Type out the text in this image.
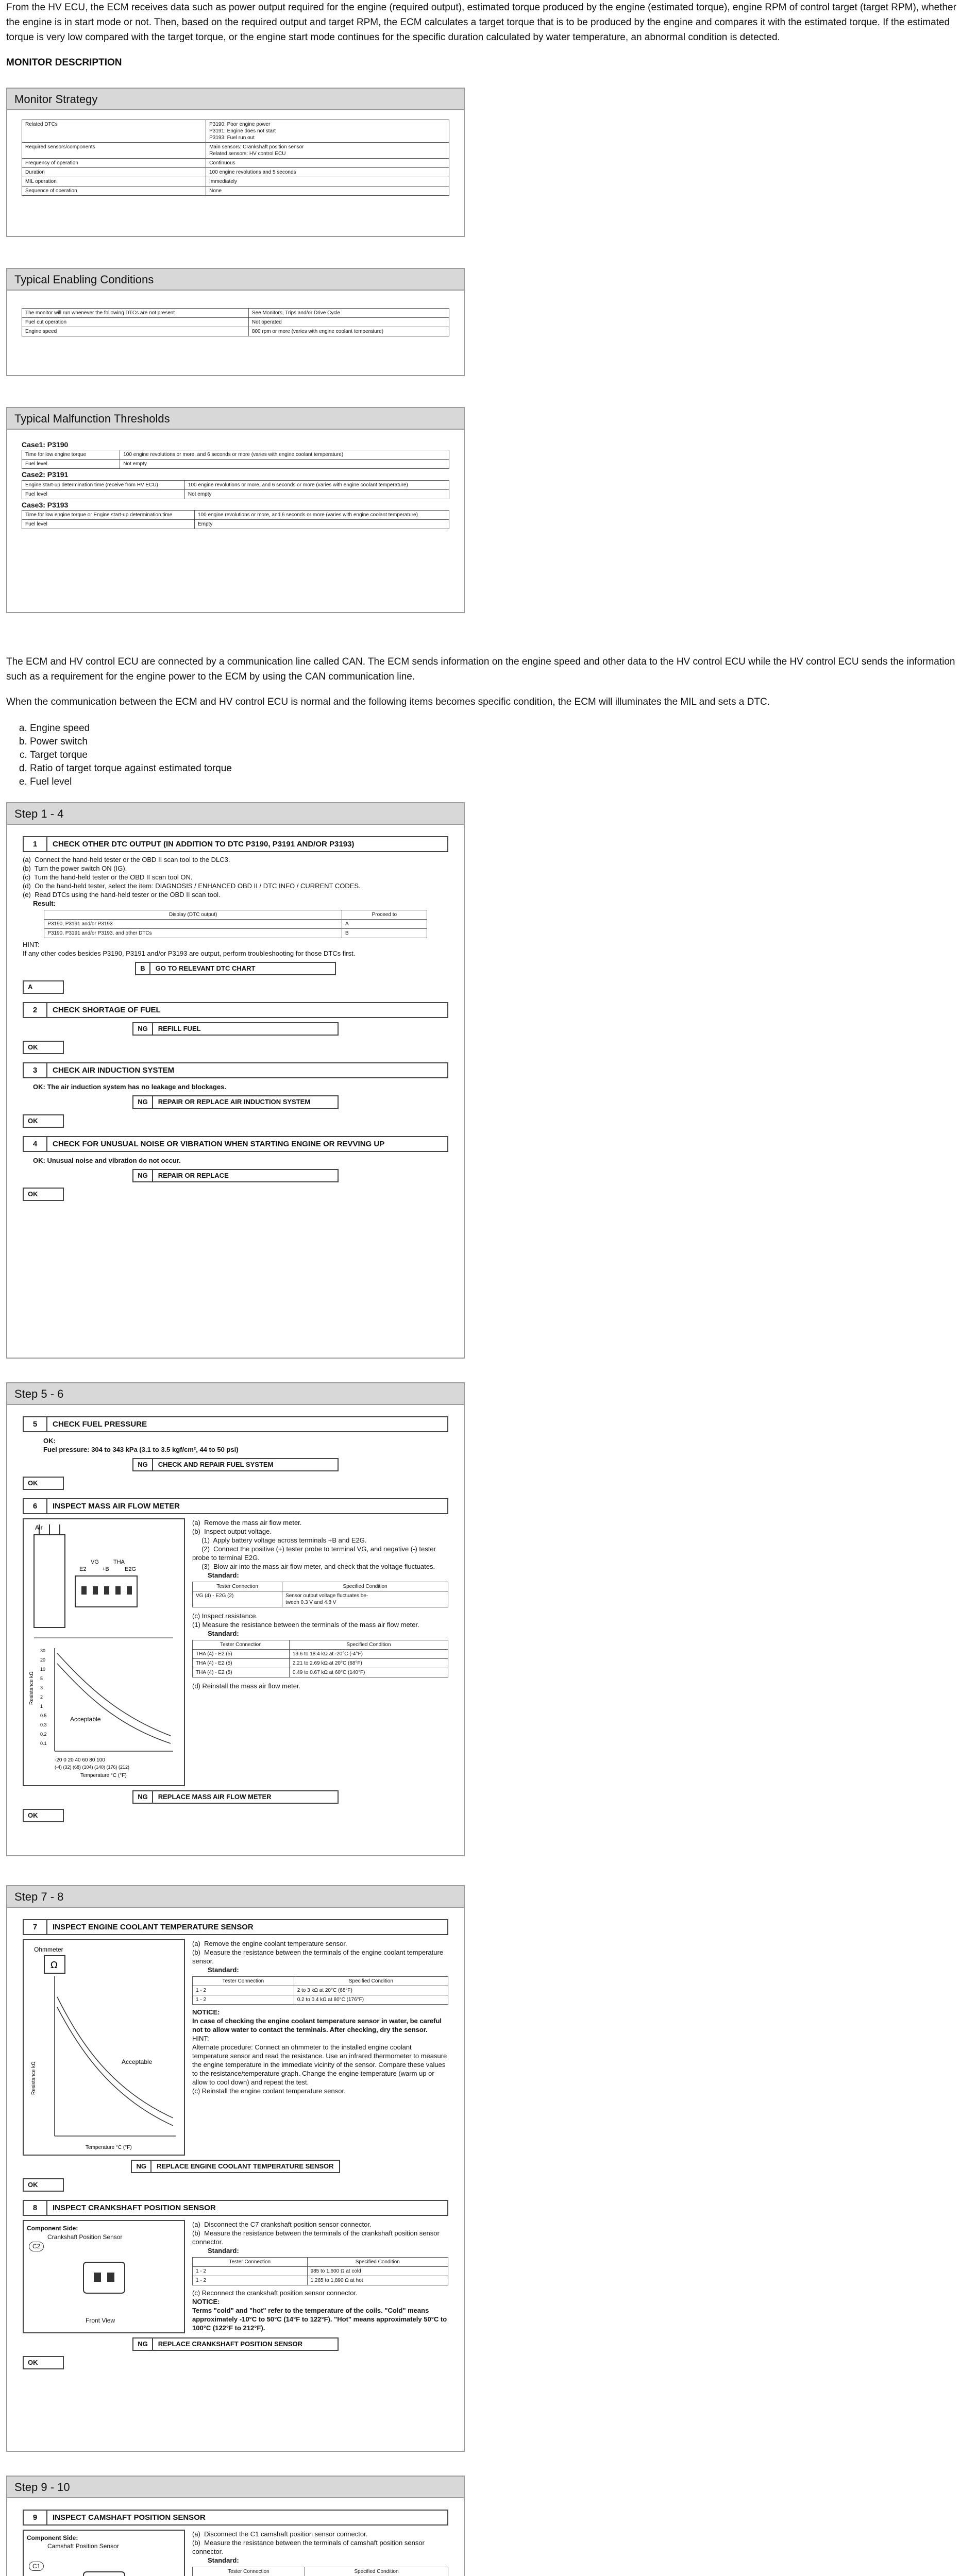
From the HV ECU, the ECM receives data such as power output required for the engine (required output), estimated torque produced by the engine (estimated torque), engine RPM of control target (target RPM), whether the engine is in start mode or not. Then, based on the required output and target RPM, the ECM calculates a target torque that is to be produced by the engine and compares it with the estimated torque. If the estimated torque is very low compared with the target torque, or the engine start mode continues for the specific duration calculated by water temperature, an abnormal condition is detected.

MONITOR DESCRIPTION
Monitor Strategy
Related DTCs	P3190: Poor engine power
P3191: Engine does not start
P3193: Fuel run out
Required sensors/components	Main sensors: Crankshaft position sensor
Related sensors: HV control ECU
Frequency of operation	Continuous
Duration	100 engine revolutions and 5 seconds
MIL operation	Immediately
Sequence of operation	None
Typical Enabling Conditions
The monitor will run whenever the following DTCs are not present	See Monitors, Trips and/or Drive Cycle
Fuel cut operation	Not operated
Engine speed	800 rpm or more (varies with engine coolant temperature)
Typical Malfunction Thresholds
Case1: P3190
Time for low engine torque	100 engine revolutions or more, and 6 seconds or more (varies with engine coolant temperature)
Fuel level	Not empty
Case2: P3191
Engine start-up determination time (receive from HV ECU)	100 engine revolutions or more, and 6 seconds or more (varies with engine coolant temperature)
Fuel level	Not empty
Case3: P3193
Time for low engine torque or Engine start-up determination time	100 engine revolutions or more, and 6 seconds or more (varies with engine coolant temperature)
Fuel level	Empty

The ECM and HV control ECU are connected by a communication line called CAN. The ECM sends information on the engine speed and other data to the HV control ECU while the HV control ECU sends the information such as a requirement for the engine power to the ECM by using the CAN communication line.

When the communication between the ECM and HV control ECU is normal and the following items becomes specific condition, the ECM will illuminates the MIL and sets a DTC.

a. Engine speed
b. Power switch
c. Target torque
d. Ratio of target torque against estimated torque
e. Fuel level
Step 1 - 4
1	CHECK OTHER DTC OUTPUT (IN ADDITION TO DTC P3190, P3191 AND/OR P3193)
(a)  Connect the hand-held tester or the OBD II scan tool to the DLC3.
(b)  Turn the power switch ON (IG).
(c)  Turn the hand-held tester or the OBD II scan tool ON.
(d)  On the hand-held tester, select the item: DIAGNOSIS / ENHANCED OBD II / DTC INFO / CURRENT CODES.
(e)  Read DTCs using the hand-held tester or the OBD II scan tool.
Result:
Display (DTC output)	Proceed to
P3190, P3191 and/or P3193	A
P3190, P3191 and/or P3193, and other DTCs	B
HINT:
If any other codes besides P3190, P3191 and/or P3193 are output, perform troubleshooting for those DTCs first.
B	GO TO RELEVANT DTC CHART
A
2	CHECK SHORTAGE OF FUEL
NG	REFILL FUEL
OK
3	CHECK AIR INDUCTION SYSTEM
OK: The air induction system has no leakage and blockages.
NG	REPAIR OR REPLACE AIR INDUCTION SYSTEM
OK
4	CHECK FOR UNUSUAL NOISE OR VIBRATION WHEN STARTING ENGINE OR REVVING UP
OK: Unusual noise and vibration do not occur.
NG	REPAIR OR REPLACE
OK
Step 5 - 6
5	CHECK FUEL PRESSURE
OK:
Fuel pressure: 304 to 343 kPa (3.1 to 3.5 kgf/cm², 44 to 50 psi)
NG	CHECK AND REPAIR FUEL SYSTEM
OK
6	INSPECT MASS AIR FLOW METER
Air
E2
VG
+B
THA
E2G
Acceptable
Resistance kΩ
30
20
10
5
3
2
1
0.5
0.3
0.2
0.1
-20 0 20 40 60 80 100
(-4) (32) (68) (104) (140) (176) (212)
Temperature °C (°F)
(a)  Remove the mass air flow meter.
(b)  Inspect output voltage.
(1)  Apply battery voltage across terminals +B and E2G.
(2)  Connect the positive (+) tester probe to terminal VG, and negative (-) tester probe to terminal E2G.
(3)  Blow air into the mass air flow meter, and check that the voltage fluctuates.
Standard:
Tester Connection	Specified Condition
VG (4) - E2G (2)	Sensor output voltage fluctuates be-
tween 0.3 V and 4.8 V
(c) Inspect resistance.
(1) Measure the resistance between the terminals of the mass air flow meter.
Standard:
Tester Connection	Specified Condition
THA (4) - E2 (5)	13.6 to 18.4 kΩ at -20°C (-4°F)
THA (4) - E2 (5)	2.21 to 2.69 kΩ at 20°C (68°F)
THA (4) - E2 (5)	0.49 to 0.67 kΩ at 60°C (140°F)
(d) Reinstall the mass air flow meter.
NG	REPLACE MASS AIR FLOW METER
OK
Step 7 - 8
7	INSPECT ENGINE COOLANT TEMPERATURE SENSOR
Ohmmeter
Ω
Acceptable
Resistance kΩ
Temperature °C (°F)
(a)  Remove the engine coolant temperature sensor.
(b)  Measure the resistance between the terminals of the engine coolant temperature sensor.
Standard:
Tester Connection	Specified Condition
1 - 2	2 to 3 kΩ at 20°C (68°F)
1 - 2	0.2 to 0.4 kΩ at 80°C (176°F)
NOTICE:
In case of checking the engine coolant temperature sensor in water, be careful not to allow water to contact the terminals. After checking, dry the sensor.
HINT:
Alternate procedure: Connect an ohmmeter to the installed engine coolant temperature sensor and read the resistance. Use an infrared thermometer to measure the engine temperature in the immediate vicinity of the sensor. Compare these values to the resistance/temperature graph. Change the engine temperature (warm up or allow to cool down) and repeat the test.
(c) Reinstall the engine coolant temperature sensor.
NG	REPLACE ENGINE COOLANT TEMPERATURE SENSOR
OK
8	INSPECT CRANKSHAFT POSITION SENSOR
Component Side:
Crankshaft Position Sensor
C2
Front View
(a)  Disconnect the C7 crankshaft position sensor connector.
(b)  Measure the resistance between the terminals of the crankshaft position sensor connector.
Standard:
Tester Connection	Specified Condition
1 - 2	985 to 1,600 Ω at cold
1 - 2	1,265 to 1,890 Ω at hot
(c) Reconnect the crankshaft position sensor connector.
NOTICE:
Terms "cold" and "hot" refer to the temperature of the coils. "Cold" means approximately -10°C to 50°C (14°F to 122°F). "Hot" means approximately 50°C to 100°C (122°F to 212°F).
NG	REPLACE CRANKSHAFT POSITION SENSOR
OK
Step 9 - 10
9	INSPECT CAMSHAFT POSITION SENSOR
Component Side:
Camshaft Position Sensor
C1
(a)  Disconnect the C1 camshaft position sensor connector.
(b)  Measure the resistance between the terminals of camshaft position sensor connector.
Standard:
Tester Connection	Specified Condition
